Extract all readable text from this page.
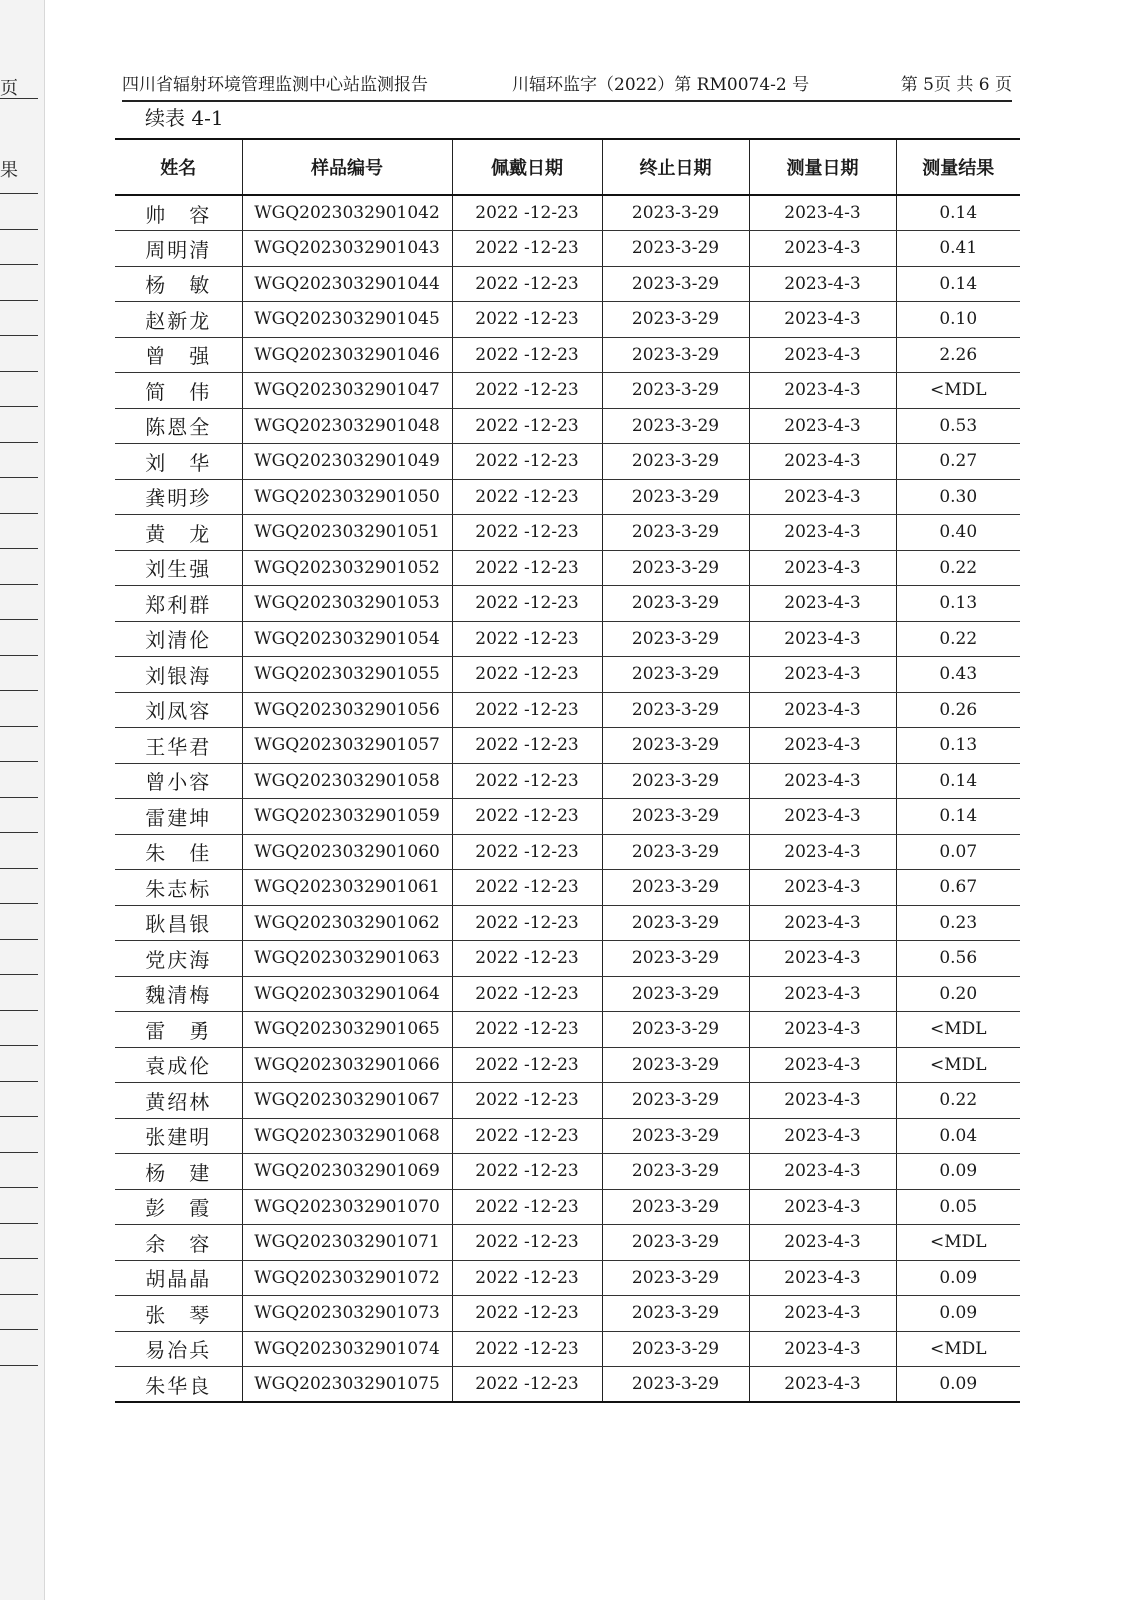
页
果
四川省辐射环境管理监测中心站监测报告	川辐环监字（2022）第 RM0074-2 号	第 5页 共 6 页
续表 4-1
姓名	样品编号	佩戴日期	终止日期	测量日期	测量结果
帅　容	WGQ2023032901042	2022 -12-23	2023-3-29	2023-4-3	0.14
周明清	WGQ2023032901043	2022 -12-23	2023-3-29	2023-4-3	0.41
杨　敏	WGQ2023032901044	2022 -12-23	2023-3-29	2023-4-3	0.14
赵新龙	WGQ2023032901045	2022 -12-23	2023-3-29	2023-4-3	0.10
曾　强	WGQ2023032901046	2022 -12-23	2023-3-29	2023-4-3	2.26
简　伟	WGQ2023032901047	2022 -12-23	2023-3-29	2023-4-3	<MDL
陈恩全	WGQ2023032901048	2022 -12-23	2023-3-29	2023-4-3	0.53
刘　华	WGQ2023032901049	2022 -12-23	2023-3-29	2023-4-3	0.27
龚明珍	WGQ2023032901050	2022 -12-23	2023-3-29	2023-4-3	0.30
黄　龙	WGQ2023032901051	2022 -12-23	2023-3-29	2023-4-3	0.40
刘生强	WGQ2023032901052	2022 -12-23	2023-3-29	2023-4-3	0.22
郑利群	WGQ2023032901053	2022 -12-23	2023-3-29	2023-4-3	0.13
刘清伦	WGQ2023032901054	2022 -12-23	2023-3-29	2023-4-3	0.22
刘银海	WGQ2023032901055	2022 -12-23	2023-3-29	2023-4-3	0.43
刘凤容	WGQ2023032901056	2022 -12-23	2023-3-29	2023-4-3	0.26
王华君	WGQ2023032901057	2022 -12-23	2023-3-29	2023-4-3	0.13
曾小容	WGQ2023032901058	2022 -12-23	2023-3-29	2023-4-3	0.14
雷建坤	WGQ2023032901059	2022 -12-23	2023-3-29	2023-4-3	0.14
朱　佳	WGQ2023032901060	2022 -12-23	2023-3-29	2023-4-3	0.07
朱志标	WGQ2023032901061	2022 -12-23	2023-3-29	2023-4-3	0.67
耿昌银	WGQ2023032901062	2022 -12-23	2023-3-29	2023-4-3	0.23
党庆海	WGQ2023032901063	2022 -12-23	2023-3-29	2023-4-3	0.56
魏清梅	WGQ2023032901064	2022 -12-23	2023-3-29	2023-4-3	0.20
雷　勇	WGQ2023032901065	2022 -12-23	2023-3-29	2023-4-3	<MDL
袁成伦	WGQ2023032901066	2022 -12-23	2023-3-29	2023-4-3	<MDL
黄绍林	WGQ2023032901067	2022 -12-23	2023-3-29	2023-4-3	0.22
张建明	WGQ2023032901068	2022 -12-23	2023-3-29	2023-4-3	0.04
杨　建	WGQ2023032901069	2022 -12-23	2023-3-29	2023-4-3	0.09
彭　霞	WGQ2023032901070	2022 -12-23	2023-3-29	2023-4-3	0.05
余　容	WGQ2023032901071	2022 -12-23	2023-3-29	2023-4-3	<MDL
胡晶晶	WGQ2023032901072	2022 -12-23	2023-3-29	2023-4-3	0.09
张　琴	WGQ2023032901073	2022 -12-23	2023-3-29	2023-4-3	0.09
易冶兵	WGQ2023032901074	2022 -12-23	2023-3-29	2023-4-3	<MDL
朱华良	WGQ2023032901075	2022 -12-23	2023-3-29	2023-4-3	0.09
